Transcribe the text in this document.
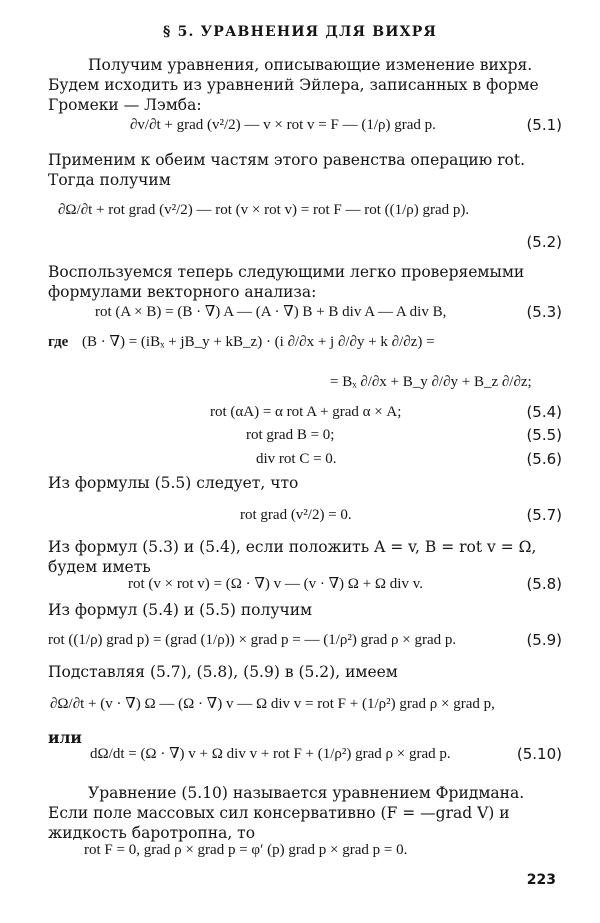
§ 5. УРАВНЕНИЯ ДЛЯ ВИХРЯ
Получим уравнения, описывающие изменение вихря. Будем исходить из уравнений Эйлера, записанных в форме Громеки — Лэмба:
∂v/∂t + grad (v²/2) — v × rot v = F — (1/ρ) grad p.	(5.1)
Применим к обеим частям этого равенства операцию rot. Тогда получим
∂Ω/∂t + rot grad (v²/2) — rot (v × rot v) = rot F — rot ((1/ρ) grad p).
(5.2)
Воспользуемся теперь следующими легко проверяемыми формулами векторного анализа:
rot (A × B) = (B · ∇) A — (A · ∇) B + B div A — A div B,	(5.3)
где (B · ∇) = (iBₓ + jB_y + kB_z) · (i ∂/∂x + j ∂/∂y + k ∂/∂z) =
= Bₓ ∂/∂x + B_y ∂/∂y + B_z ∂/∂z;
rot (αA) = α rot A + grad α × A;	(5.4)
rot grad B = 0;	(5.5)
div rot C = 0.	(5.6)
Из формулы (5.5) следует, что
rot grad (v²/2) = 0.	(5.7)
Из формул (5.3) и (5.4), если положить A = v, B = rot v = Ω, будем иметь
rot (v × rot v) = (Ω · ∇) v — (v · ∇) Ω + Ω div v.	(5.8)
Из формул (5.4) и (5.5) получим
rot ((1/ρ) grad p) = (grad (1/ρ)) × grad p = — (1/ρ²) grad ρ × grad p.	(5.9)
Подставляя (5.7), (5.8), (5.9) в (5.2), имеем
∂Ω/∂t + (v · ∇) Ω — (Ω · ∇) v — Ω div v = rot F + (1/ρ²) grad ρ × grad p,
или
dΩ/dt = (Ω · ∇) v + Ω div v + rot F + (1/ρ²) grad ρ × grad p.	(5.10)
Уравнение (5.10) называется уравнением Фридмана. Если поле массовых сил консервативно (F = —grad V) и жидкость баротропна, то
rot F = 0, grad ρ × grad p = φ′ (p) grad p × grad p = 0.
223
